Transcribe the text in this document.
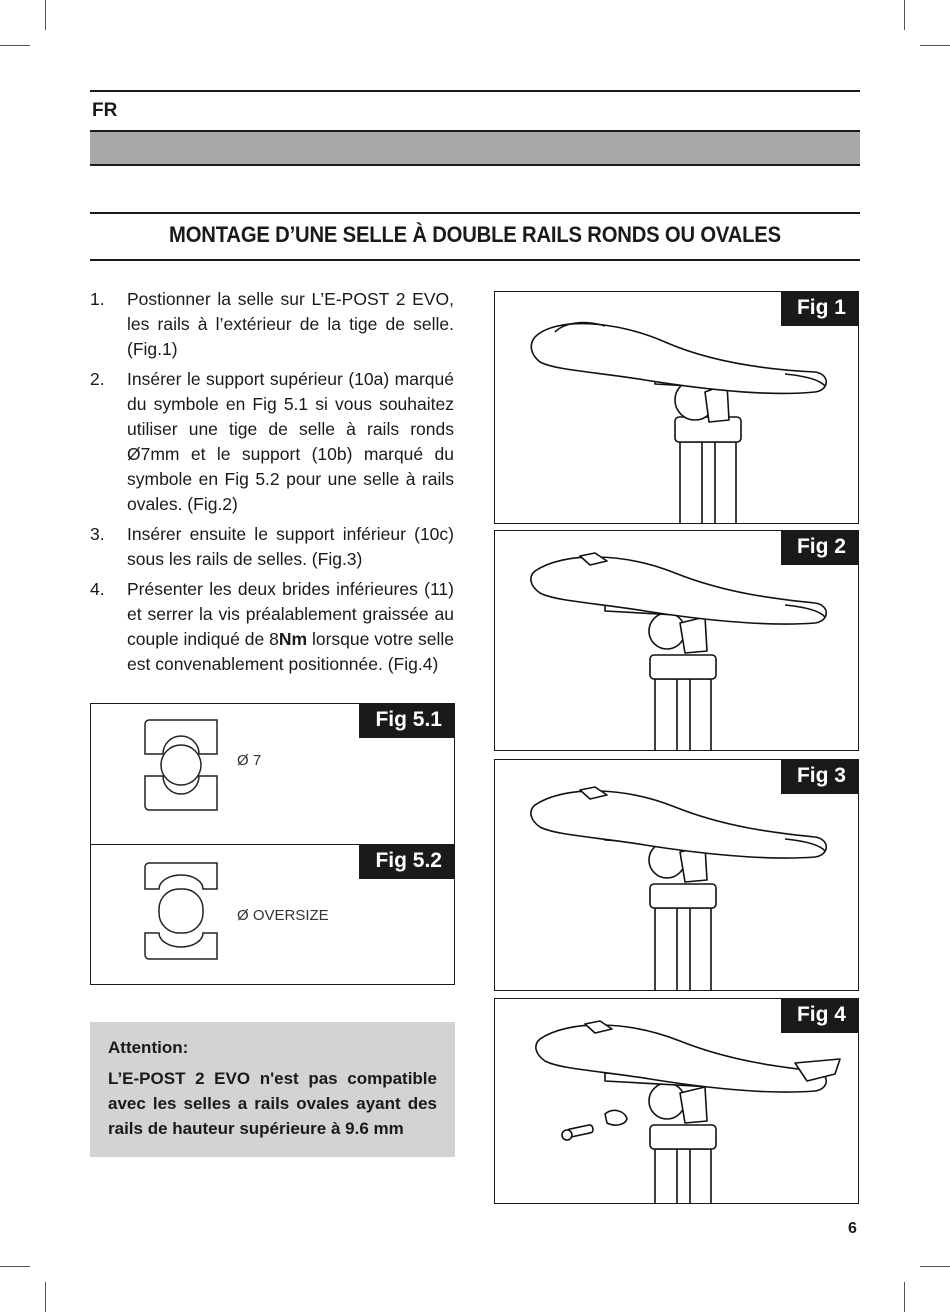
FR
MONTAGE D’UNE SELLE À DOUBLE RAILS RONDS OU OVALES
1. Postionner la selle sur L’E-POST 2 EVO, les rails à l’extérieur de la tige de selle. (Fig.1)
2. Insérer le support supérieur (10a) marqué du symbole en Fig 5.1 si vous souhaitez utiliser une tige de selle à rails ronds Ø7mm et le support (10b) marqué du symbole en Fig 5.2 pour une selle à rails ovales. (Fig.2)
3. Insérer ensuite le support inférieur (10c) sous les rails de selles. (Fig.3)
4. Présenter les deux brides inférieures (11) et serrer la vis préalablement graissée au couple indiqué de 8Nm lorsque votre selle est convenablement positionnée. (Fig.4)
Fig 5.1
Ø 7
Fig 5.2
Ø OVERSIZE
Attention:
L’E-POST 2 EVO n'est pas compatible avec les selles a rails ovales ayant des rails de hauteur supérieure à 9.6 mm
Fig 1
Fig 2
Fig 3
Fig 4
6
